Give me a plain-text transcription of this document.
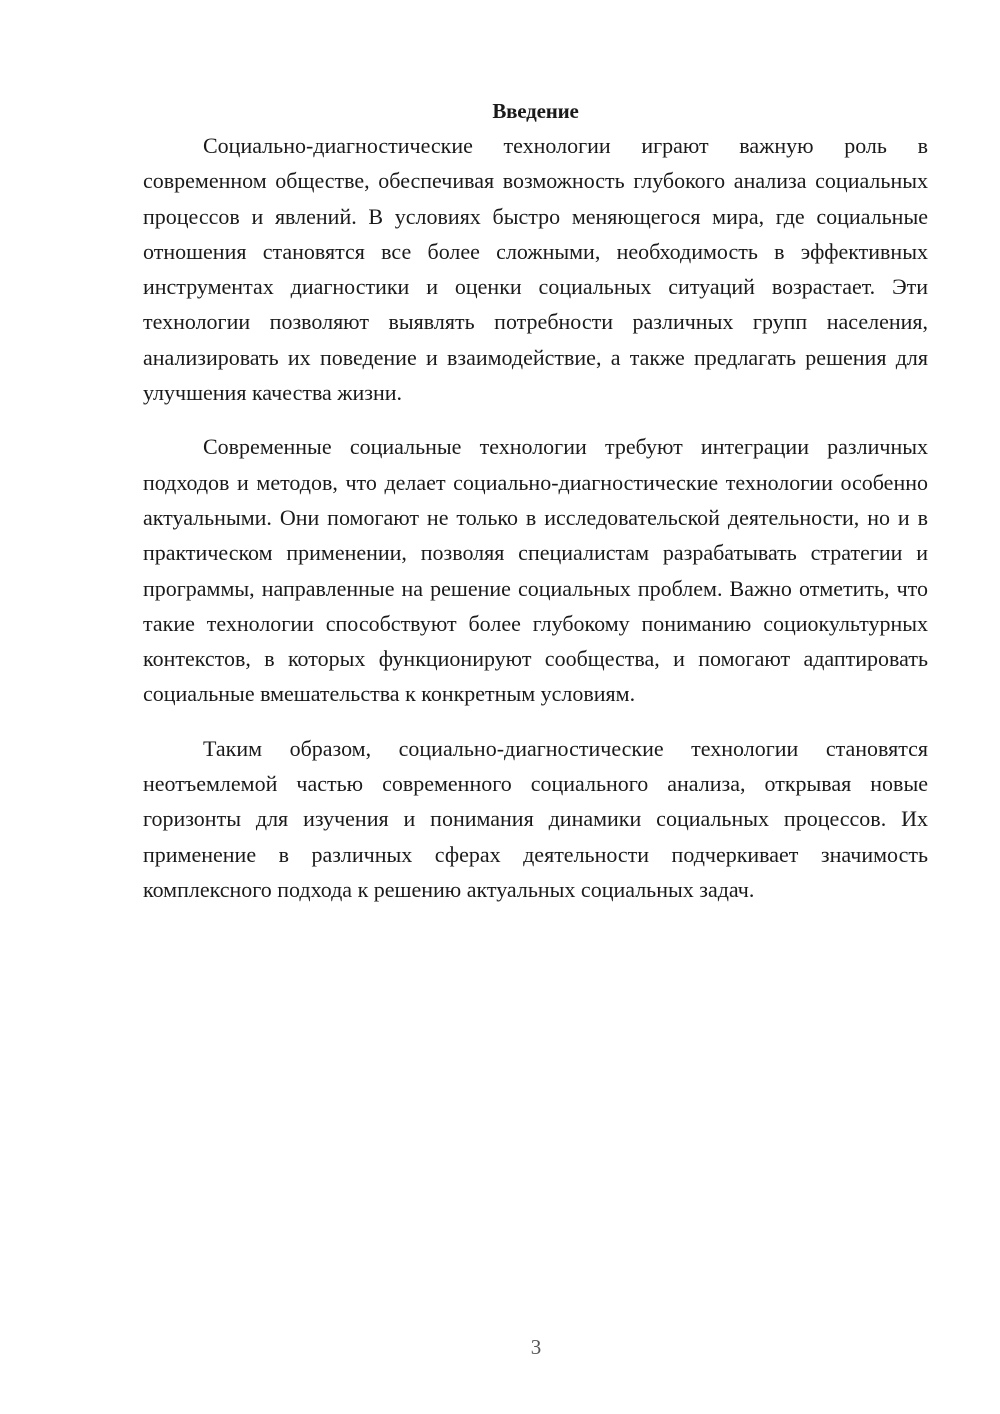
Введение

Социально-диагностические технологии играют важную роль в современном обществе, обеспечивая возможность глубокого анализа социальных процессов и явлений. В условиях быстро меняющегося мира, где социальные отношения становятся все более сложными, необходимость в эффективных инструментах диагностики и оценки социальных ситуаций возрастает. Эти технологии позволяют выявлять потребности различных групп населения, анализировать их поведение и взаимодействие, а также предлагать решения для улучшения качества жизни.

Современные социальные технологии требуют интеграции различных подходов и методов, что делает социально-диагностические технологии особенно актуальными. Они помогают не только в исследовательской деятельности, но и в практическом применении, позволяя специалистам разрабатывать стратегии и программы, направленные на решение социальных проблем. Важно отметить, что такие технологии способствуют более глубокому пониманию социокультурных контекстов, в которых функционируют сообщества, и помогают адаптировать социальные вмешательства к конкретным условиям.

Таким образом, социально-диагностические технологии становятся неотъемлемой частью современного социального анализа, открывая новые горизонты для изучения и понимания динамики социальных процессов. Их применение в различных сферах деятельности подчеркивает значимость комплексного подхода к решению актуальных социальных задач.

3
